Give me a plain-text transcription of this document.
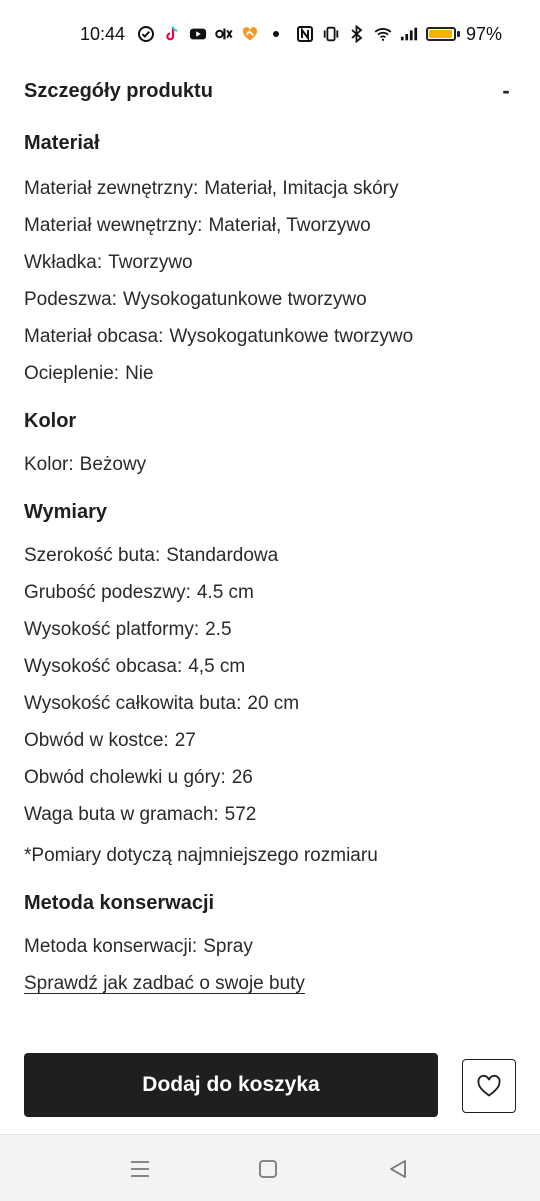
10:44	97%
Szczegóły produktu	-
Materiał
Materiał zewnętrzny: Materiał, Imitacja skóry
Materiał wewnętrzny: Materiał, Tworzywo
Wkładka: Tworzywo
Podeszwa: Wysokogatunkowe tworzywo
Materiał obcasa: Wysokogatunkowe tworzywo
Ocieplenie: Nie
Kolor
Kolor: Beżowy
Wymiary
Szerokość buta: Standardowa
Grubość podeszwy: 4.5 cm
Wysokość platformy: 2.5
Wysokość obcasa: 4,5 cm
Wysokość całkowita buta: 20 cm
Obwód w kostce: 27
Obwód cholewki u góry: 26
Waga buta w gramach: 572
*Pomiary dotyczą najmniejszego rozmiaru
Metoda konserwacji
Metoda konserwacji: Spray
Sprawdź jak zadbać o swoje buty
Dodaj do koszyka
